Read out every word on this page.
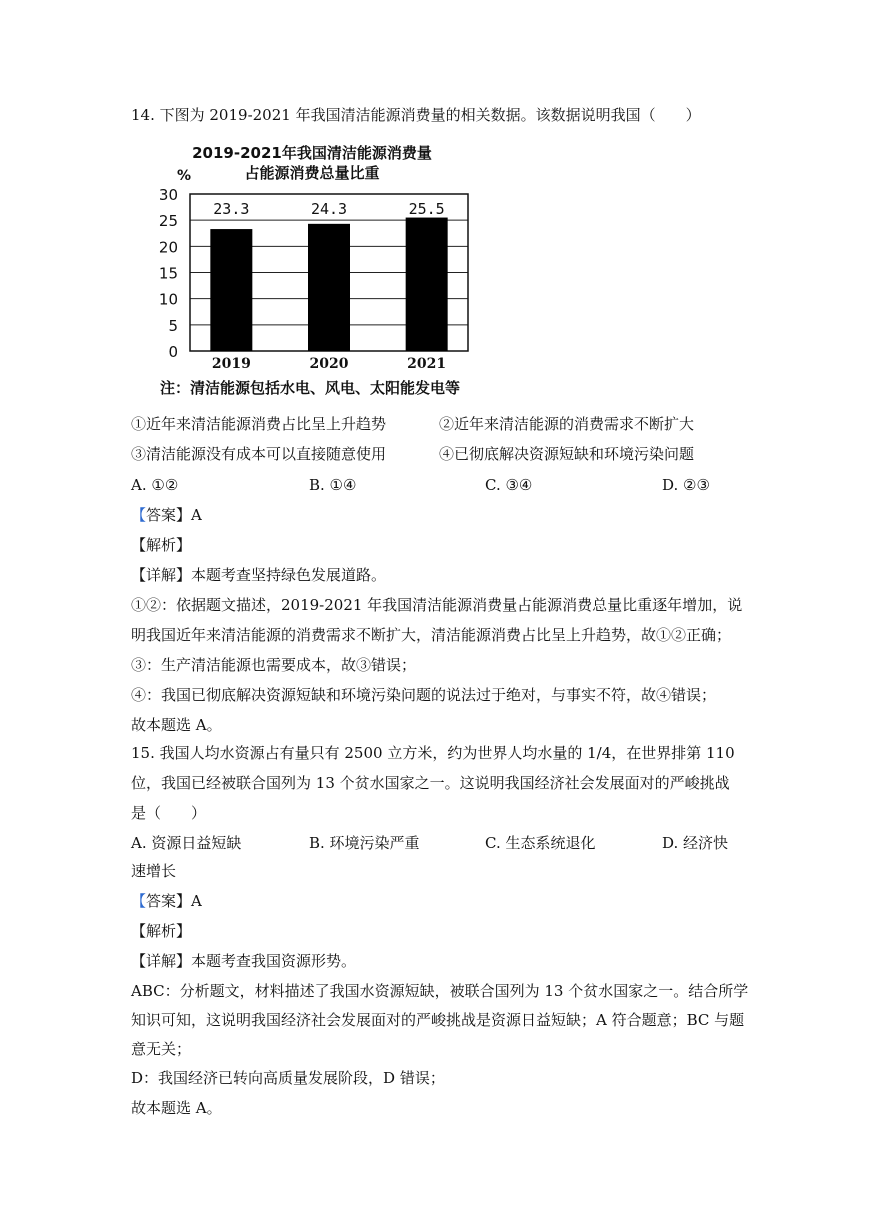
14. 下图为 2019-2021 年我国清洁能源消费量的相关数据。该数据说明我国（　　）
2019-2021年我国清洁能源消费量
占能源消费总量比重
%
0
5
10
15
20
25
30
23.3
2019
24.3
2020
25.5
2021
注：清洁能源包括水电、风电、太阳能发电等
①近年来清洁能源消费占比呈上升趋势	②近年来清洁能源的消费需求不断扩大
③清洁能源没有成本可以直接随意使用	④已彻底解决资源短缺和环境污染问题
A. ①②	B. ①④	C. ③④	D. ②③
【答案】A
【解析】
【详解】本题考查坚持绿色发展道路。
①②：依据题文描述，2019-2021 年我国清洁能源消费量占能源消费总量比重逐年增加，说
明我国近年来清洁能源的消费需求不断扩大，清洁能源消费占比呈上升趋势，故①②正确；
③：生产清洁能源也需要成本，故③错误；
④：我国已彻底解决资源短缺和环境污染问题的说法过于绝对，与事实不符，故④错误；
故本题选 A。
15. 我国人均水资源占有量只有 2500 立方米，约为世界人均水量的 1/4，在世界排第 110
位，我国已经被联合国列为 13 个贫水国家之一。这说明我国经济社会发展面对的严峻挑战
是（　　）
A. 资源日益短缺	B. 环境污染严重	C. 生态系统退化	D. 经济快
速增长
【答案】A
【解析】
【详解】本题考查我国资源形势。
ABC：分析题文，材料描述了我国水资源短缺，被联合国列为 13 个贫水国家之一。结合所学
知识可知，这说明我国经济社会发展面对的严峻挑战是资源日益短缺；A 符合题意；BC 与题
意无关；
D：我国经济已转向高质量发展阶段，D 错误；
故本题选 A。
